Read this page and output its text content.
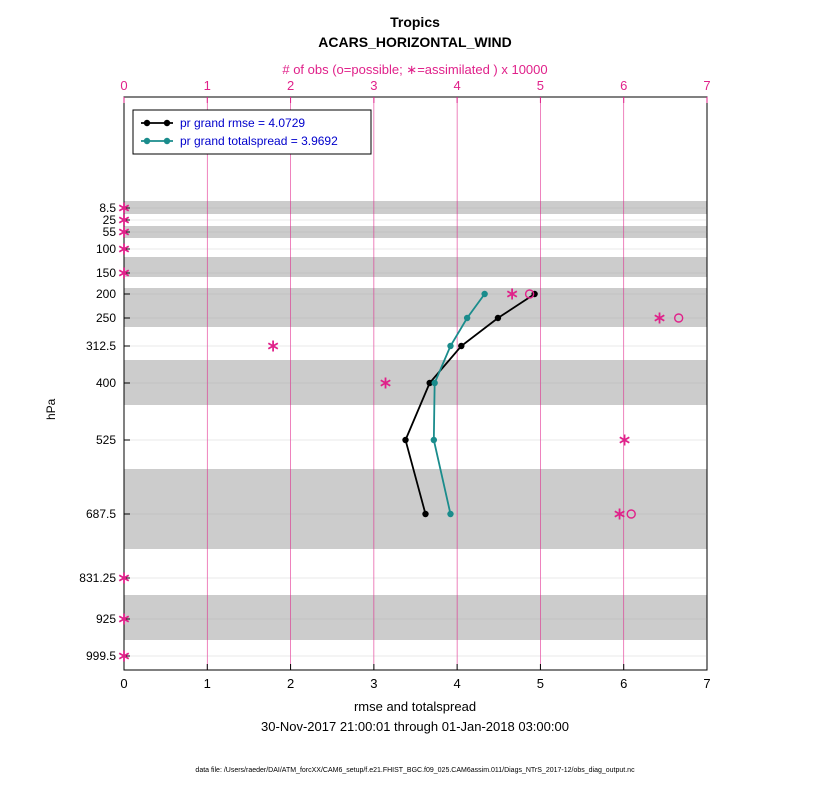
Tropics
ACARS_HORIZONTAL_WIND
# of obs (o=possible; ∗=assimilated ) x 10000
rmse and totalspread
30-Nov-2017 21:00:01 through 01-Jan-2018 03:00:00
data file: /Users/raeder/DAI/ATM_forcXX/CAM6_setup/f.e21.FHIST_BGC.f09_025.CAM6assim.011/Diags_NTrS_2017-12/obs_diag_output.nc
hPa
0	1	2	3	4	5	6	7
0	1	2	3	4	5	6	7
8.5
25
55
100
150
200
250
312.5
400
525
687.5
831.25
925
999.5
pr grand rmse = 4.0729
pr grand totalspread = 3.9692
